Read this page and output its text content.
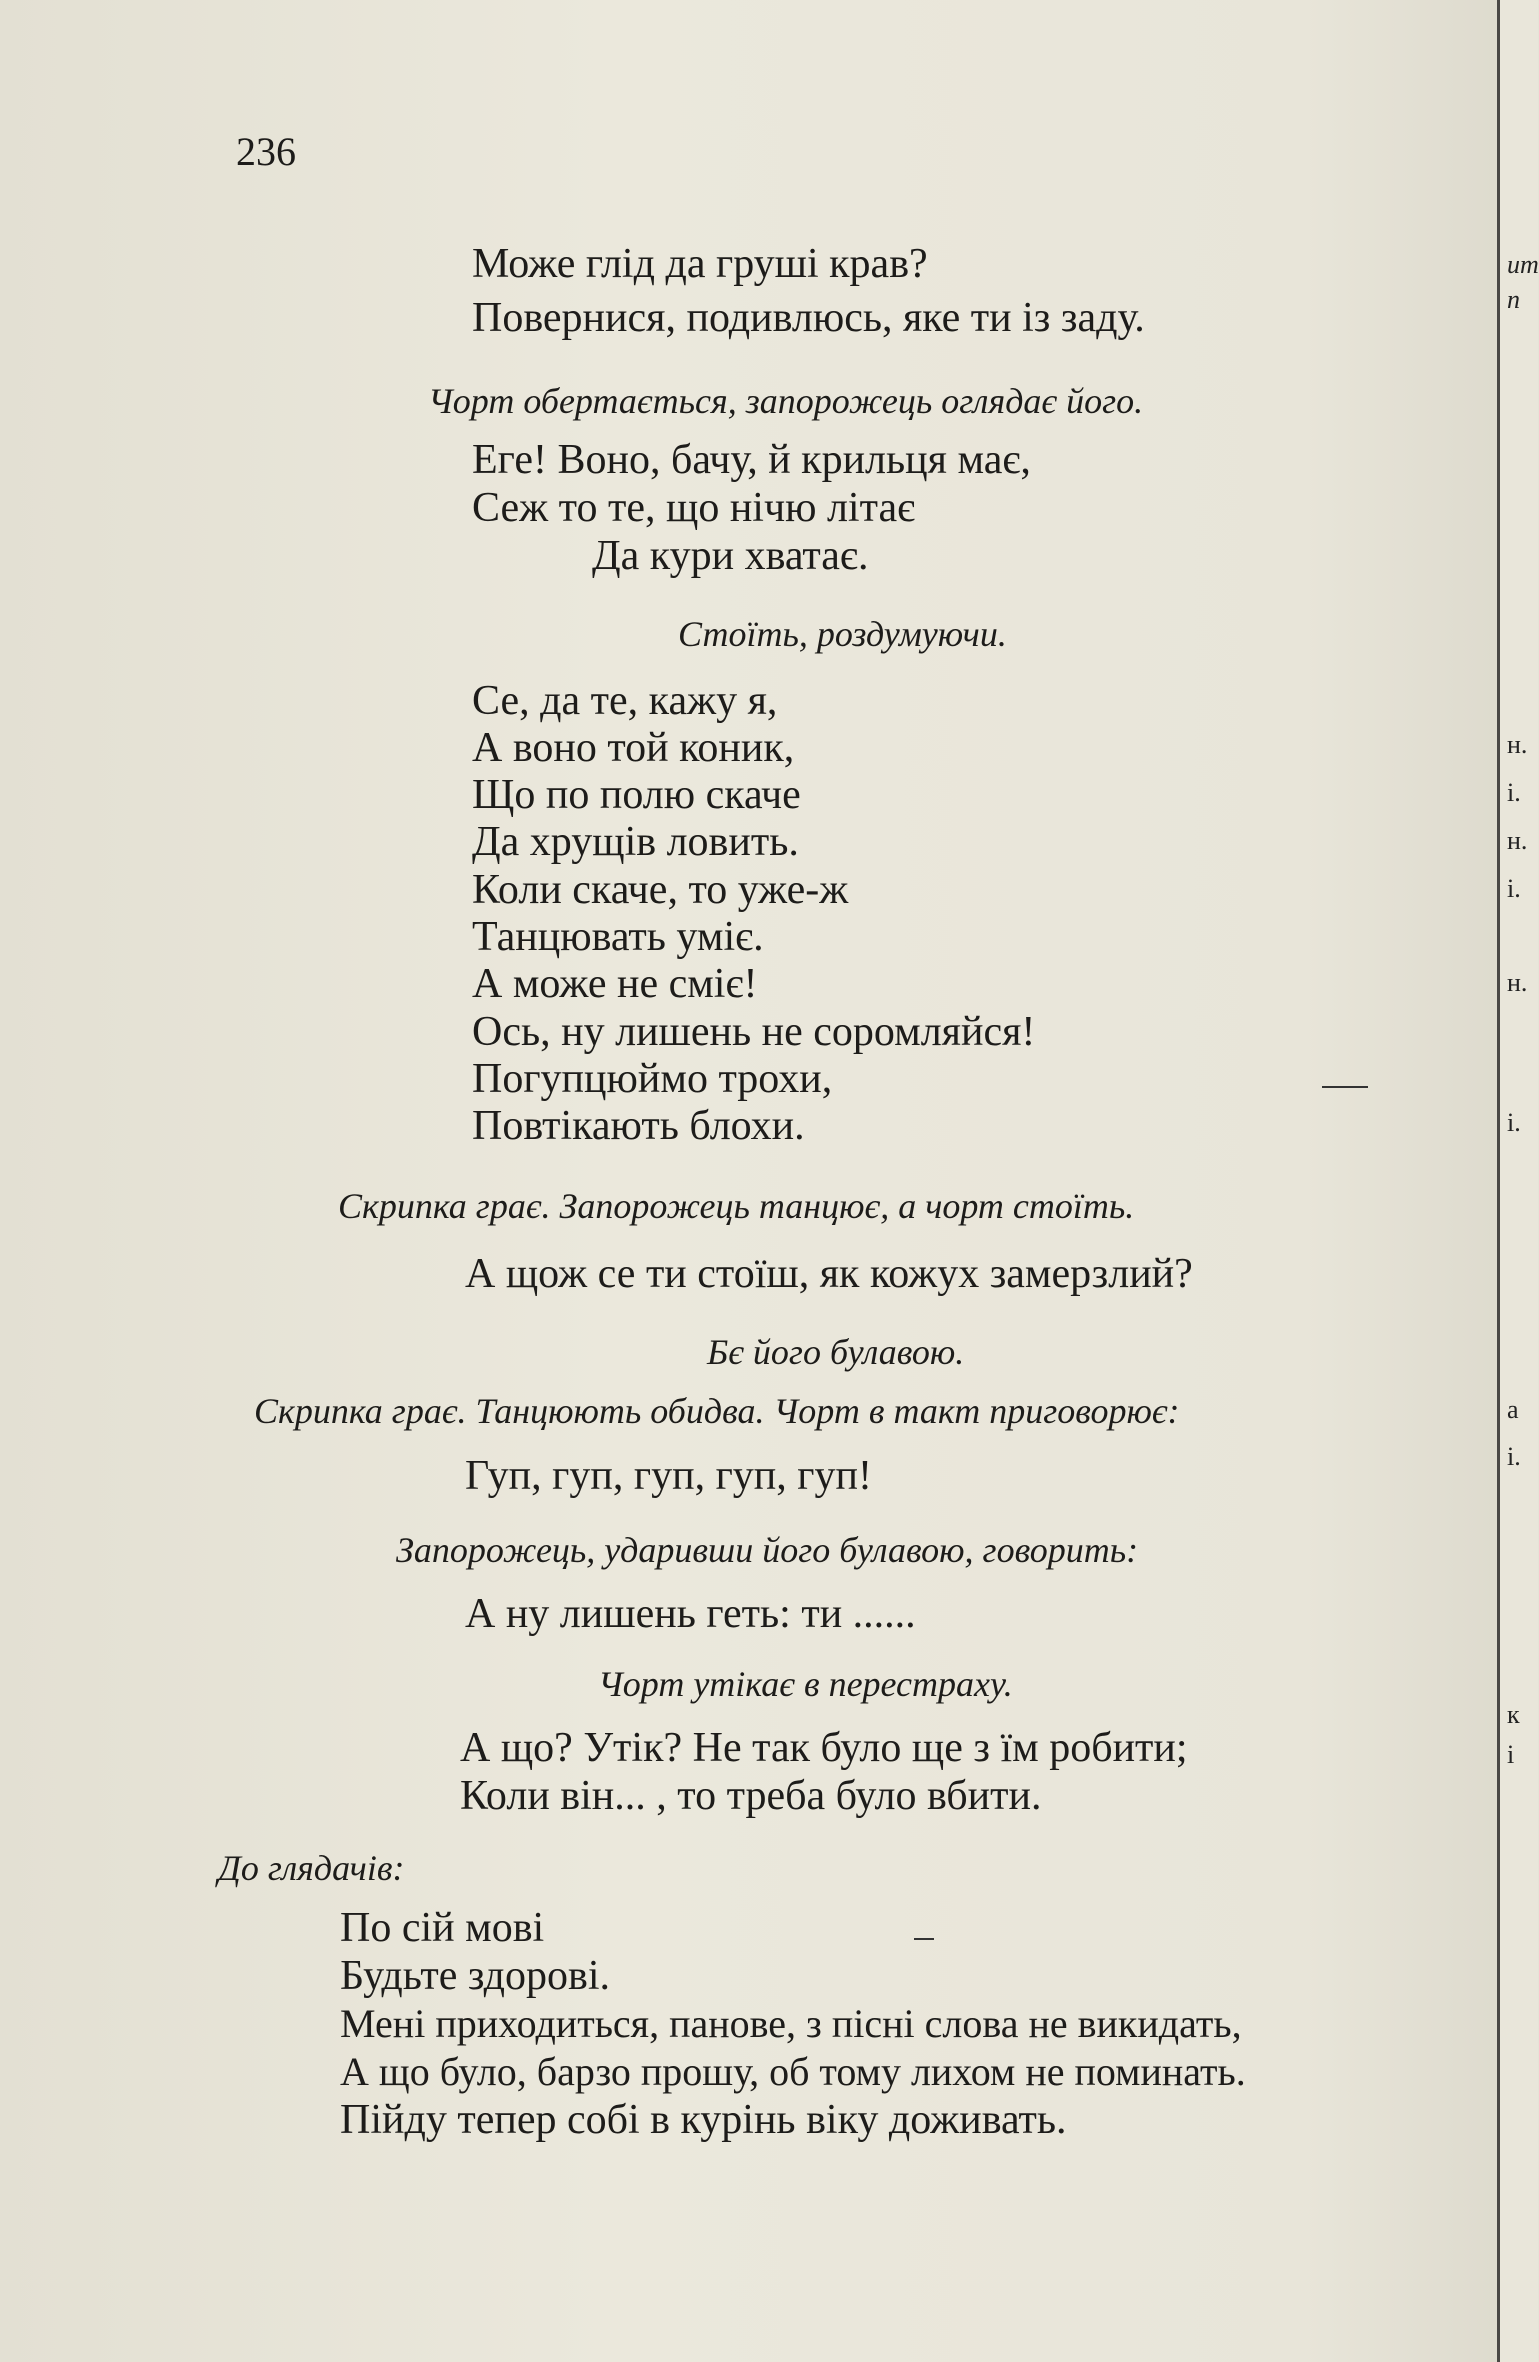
236
Може глід да груші крав?
Повернися, подивлюсь, яке ти із заду.
Чорт обертається, запорожець оглядає його.
Еге! Воно, бачу, й крильця має,
Сеж то те, що нічю літає
Да кури хватає.
Стоїть, роздумуючи.
Се, да те, кажу я,
А воно той коник,
Що по полю скаче
Да хрущів ловить.
Коли скаче, то уже-ж
Танцювать уміє.
А може не сміє!
Ось, ну лишень не соромляйся!
Погупцюймо трохи,
Повтікають блохи.
Скрипка грає. Запорожець танцює, а чорт стоїть.
А щож се ти стоїш, як кожух замерзлий?
Бє його булавою.
Скрипка грає. Танцюють обидва. Чорт в такт приговорює:
Гуп, гуп, гуп, гуп, гуп!
Запорожець, ударивши його булавою, говорить:
А ну лишень геть: ти ......
Чорт утікає в перестраху.
А що? Утік? Не так було ще з їм робити;
Коли він... , то треба було вбити.
До глядачів:
По сій мові
Будьте здорові.
Мені приходиться, панове, з пісні слова не викидать,
А що було, барзо прошу, об тому лихом не поминать.
Пійду тепер собі в курінь віку доживать.
ит
п
н.
і.
н.
і.
н.
і.
а
і.
к
і
